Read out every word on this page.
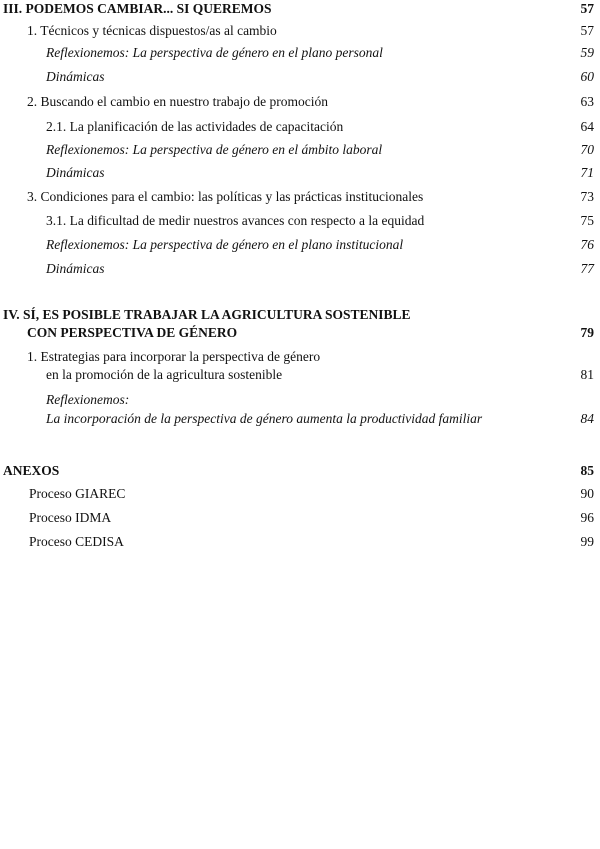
III. PODEMOS CAMBIAR... SI QUEREMOS	57
1. Técnicos y técnicas dispuestos/as al cambio	57
Reflexionemos: La perspectiva de género en el plano personal	59
Dinámicas	60
2. Buscando el cambio en nuestro trabajo de promoción	63
2.1. La planificación de las actividades de capacitación	64
Reflexionemos: La perspectiva de género en el ámbito laboral	70
Dinámicas	71
3. Condiciones para el cambio: las políticas y las prácticas institucionales	73
3.1. La dificultad de medir nuestros avances con respecto a la equidad	75
Reflexionemos: La perspectiva de género en el plano institucional	76
Dinámicas	77
IV. SÍ, ES POSIBLE TRABAJAR LA AGRICULTURA SOSTENIBLE
CON PERSPECTIVA DE GÉNERO	79
1. Estrategias para incorporar la perspectiva de género
en la promoción de la agricultura sostenible	81
Reflexionemos:
La incorporación de la perspectiva de género aumenta la productividad familiar	84
ANEXOS	85
Proceso GIAREC	90
Proceso IDMA	96
Proceso CEDISA	99
